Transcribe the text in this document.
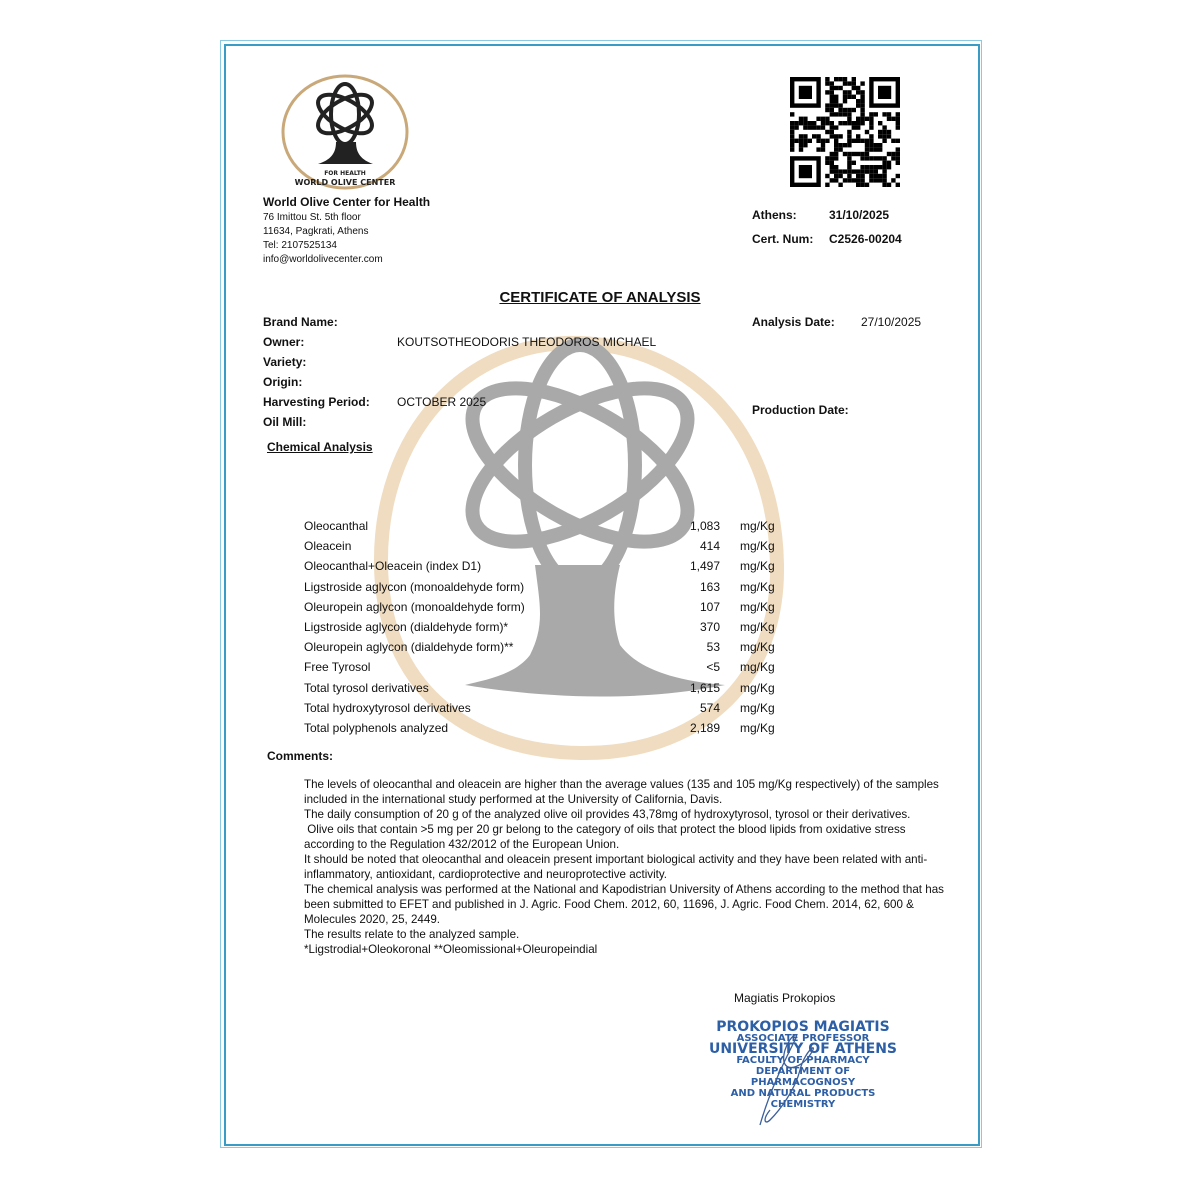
FOR HEALTH
WORLD OLIVE CENTER
World Olive Center for Health
76 Imittou St. 5th floor
11634, Pagkrati, Athens
Tel: 2107525134
info@worldolivecenter.com
Athens:	31/10/2025
Cert. Num: C2526-00204
CERTIFICATE OF ANALYSIS
Brand Name:
Owner:	KOUTSOTHEODORIS THEODOROS MICHAEL
Variety:
Origin:
Harvesting Period: OCTOBER 2025
Oil Mill:
Analysis Date: 27/10/2025
Production Date:
Chemical Analysis
Oleocanthal	1,083 mg/Kg
Oleacein	414 mg/Kg
Oleocanthal+Oleacein (index D1)	1,497 mg/Kg
Ligstroside aglycon (monoaldehyde form)	163 mg/Kg
Oleuropein aglycon (monoaldehyde form)	107 mg/Kg
Ligstroside aglycon (dialdehyde form)*	370 mg/Kg
Oleuropein aglycon (dialdehyde form)**	53 mg/Kg
Free Tyrosol	<5 mg/Kg
Total tyrosol derivatives	1,615 mg/Kg
Total hydroxytyrosol derivatives	574 mg/Kg
Total polyphenols analyzed	2,189 mg/Kg
Comments:

The levels of oleocanthal and oleacein are higher than the average values (135 and 105 mg/Kg respectively) of the samples included in the international study performed at the University of California, Davis.

The daily consumption of 20 g of the analyzed olive oil provides 43,78mg of hydroxytyrosol, tyrosol or their derivatives.

Olive oils that contain >5 mg per 20 gr belong to the category of oils that protect the blood lipids from oxidative stress according to the Regulation 432/2012 of the European Union.

It should be noted that oleocanthal and oleacein present important biological activity and they have been related with anti-inflammatory, antioxidant, cardioprotective and neuroprotective activity.

The chemical analysis was performed at the National and Kapodistrian University of Athens according to the method that has been submitted to EFET and published in J. Agric. Food Chem. 2012, 60, 11696, J. Agric. Food Chem. 2014, 62, 600 & Molecules 2020, 25, 2449.

The results relate to the analyzed sample.

*Ligstrodial+Oleokoronal **Oleomissional+Oleuropeindial

Magiatis Prokopios
PROKOPIOS MAGIATIS
ASSOCIATE PROFESSOR
UNIVERSITY OF ATHENS
FACULTY OF PHARMACY
DEPARTMENT OF PHARMACOGNOSY
AND NATURAL PRODUCTS CHEMISTRY
